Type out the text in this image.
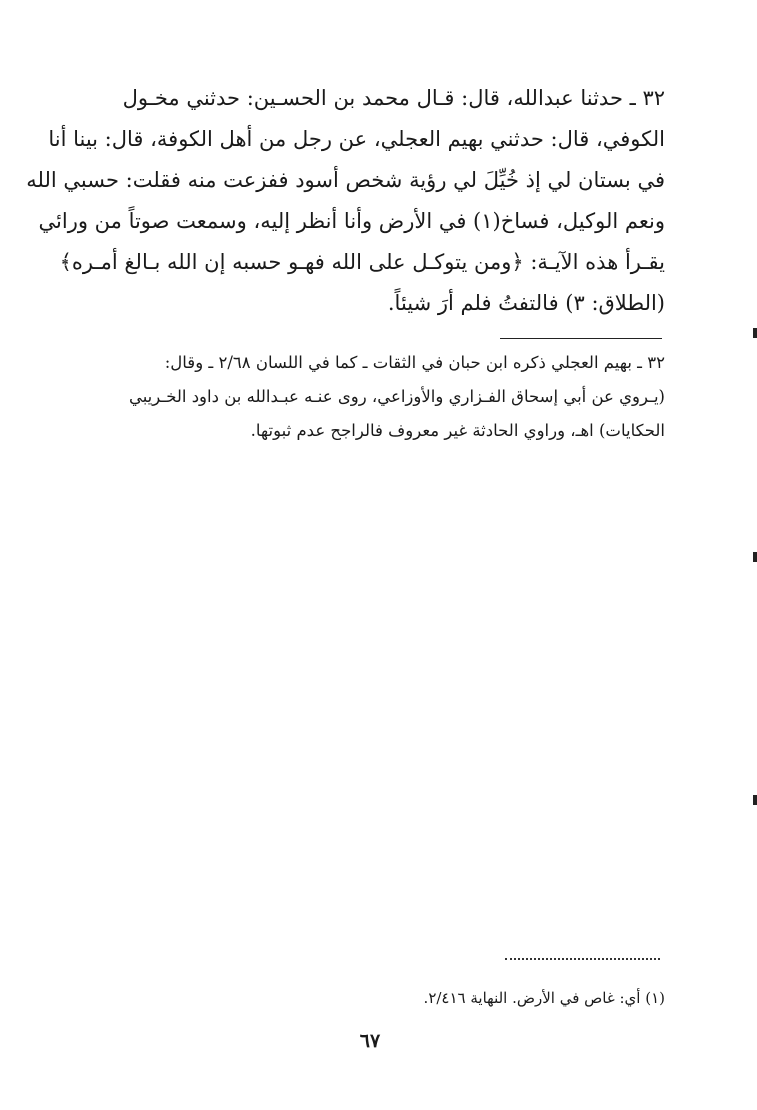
٣٢ ـ حدثنا عبدالله، قال: قـال محمد بن الحسـين: حدثني مخـول
الكوفي، قال: حدثني بهيم العجلي، عن رجل من أهل الكوفة، قال: بينا أنا
في بستان لي إذ خُيِّلَ لي رؤية شخص أسود ففزعت منه فقلت: حسبي الله
ونعم الوكيل، فساخ(١) في الأرض وأنا أنظر إليه، وسمعت صوتاً من ورائي
يقـرأ هذه الآيـة: ﴿ومن يتوكـل على الله فهـو حسبه إن الله بـالغ أمـره﴾
(الطلاق: ٣) فالتفتُ فلم أرَ شيئاً.
٣٢ ـ بهيم العجلي ذكره ابن حبان في الثقات ـ كما في اللسان ٢/٦٨ ـ وقال:
(يـروي عن أبي إسحاق الفـزاري والأوزاعي، روى عنـه عبـدالله بن داود الخـريبي
الحكايات) اهـ، وراوي الحادثة غير معروف فالراجح عدم ثبوتها.
(١) أي: غاص في الأرض. النهاية ٢/٤١٦.
٦٧
